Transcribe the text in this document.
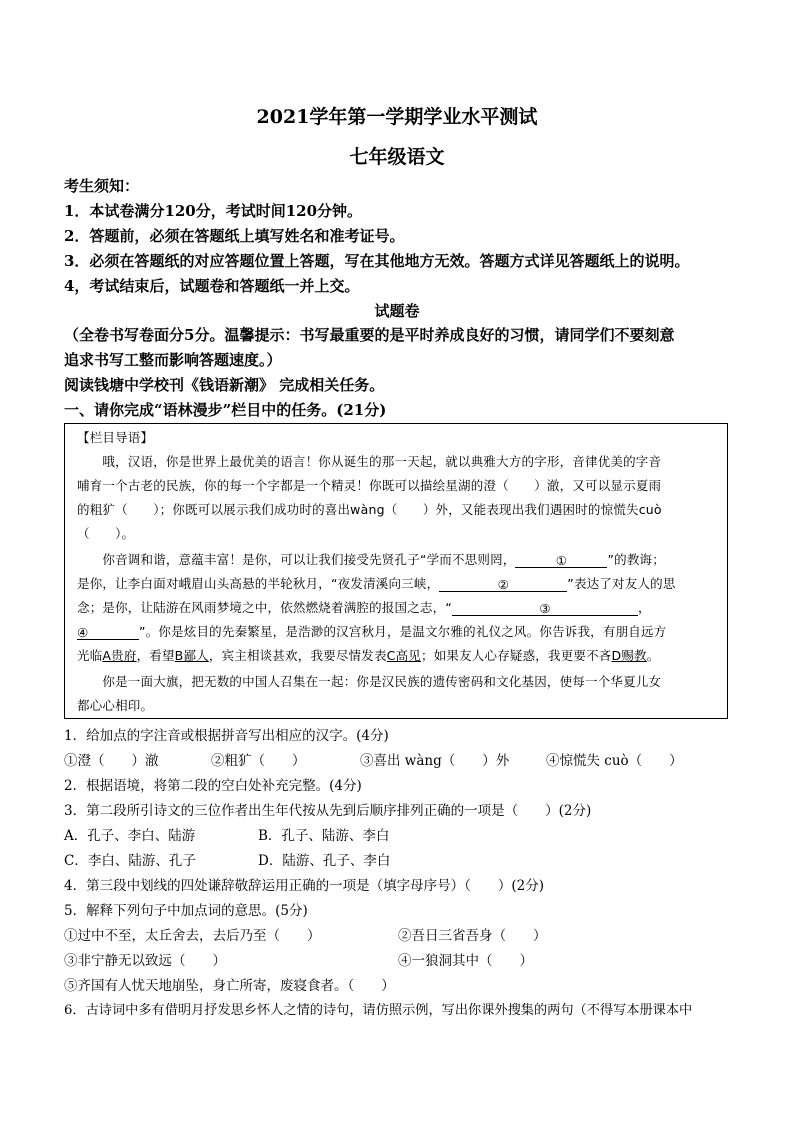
2021学年第一学期学业水平测试
七年级语文
考生须知：
1．本试卷满分120分，考试时间120分钟。
2．答题前，必须在答题纸上填写姓名和准考证号。
3．必须在答题纸的对应答题位置上答题，写在其他地方无效。答题方式详见答题纸上的说明。
4，考试结束后，试题卷和答题纸一并上交。
试题卷
（全卷书写卷面分5分。温馨提示：书写最重要的是平时养成良好的习惯，请同学们不要刻意
追求书写工整而影响答题速度。）
阅读钱塘中学校刊《钱语新潮》 完成相关任务。
一、请你完成“语林漫步”栏目中的任务。(21分)
【栏目导语】
　　哦，汉语，你是世界上最优美的语言！你从诞生的那一天起，就以典雅大方的字形，音律优美的字音
哺育一个古老的民族，你的每一个字都是一个精灵！你既可以描绘星湖的澄（　　 ）澈，又可以显示夏雨
的粗犷（　　 ）；你既可以展示我们成功时的喜出wàng（　　 ）外，又能表现出我们遇困时的惊慌失cuò
（　　）。
　　你音调和谐，意蕴丰富！是你，可以让我们接受先贤孔子“学而不思则罔，	①	”的教诲；
是你，让李白面对峨眉山头高悬的半轮秋月，“夜发清溪向三峡，	②	”表达了对友人的思
念；是你，让陆游在风雨梦境之中，依然燃烧着满腔的报国之志，“	③	，
④	”。你是炫目的先秦繁星，是浩渺的汉宫秋月，是温文尔雅的礼仪之风。你告诉我，有朋自远方
光临A贵府，看望B鄙人，宾主相谈甚欢，我要尽情发表C高见；如果友人心存疑惑，我更要不吝D赐教。
　　你是一面大旗，把无数的中国人召集在一起：你是汉民族的遗传密码和文化基因，使每一个华夏儿女
都心心相印。
1．给加点的字注音或根据拼音写出相应的汉字。(4分)
①澄（　　）澈	②粗犷（　　）	③喜出 wàng（　　）外	④惊慌失 cuò（　　）
2．根据语境，将第二段的空白处补充完整。(4分)
3．第二段所引诗文的三位作者出生年代按从先到后顺序排列正确的一项是（　　）(2分)
A．孔子、李白、陆游	B．孔子、陆游、李白
C．李白、陆游、孔子	D．陆游、孔子、李白
4．第三段中划线的四处谦辞敬辞运用正确的一项是（填字母序号）（　　）(2分)
5．解释下列句子中加点词的意思。(5分)
①过中不至，太丘舍去，去后乃至（　　）	②吾日三省吾身（　　）
③非宁静无以致远（　　）	④一狼洞其中（　　）
⑤齐国有人忧天地崩坠，身亡所寄，废寝食者。（　　）
6．古诗词中多有借明月抒发思乡怀人之情的诗句，请仿照示例，写出你课外搜集的两句（不得写本册课本中
